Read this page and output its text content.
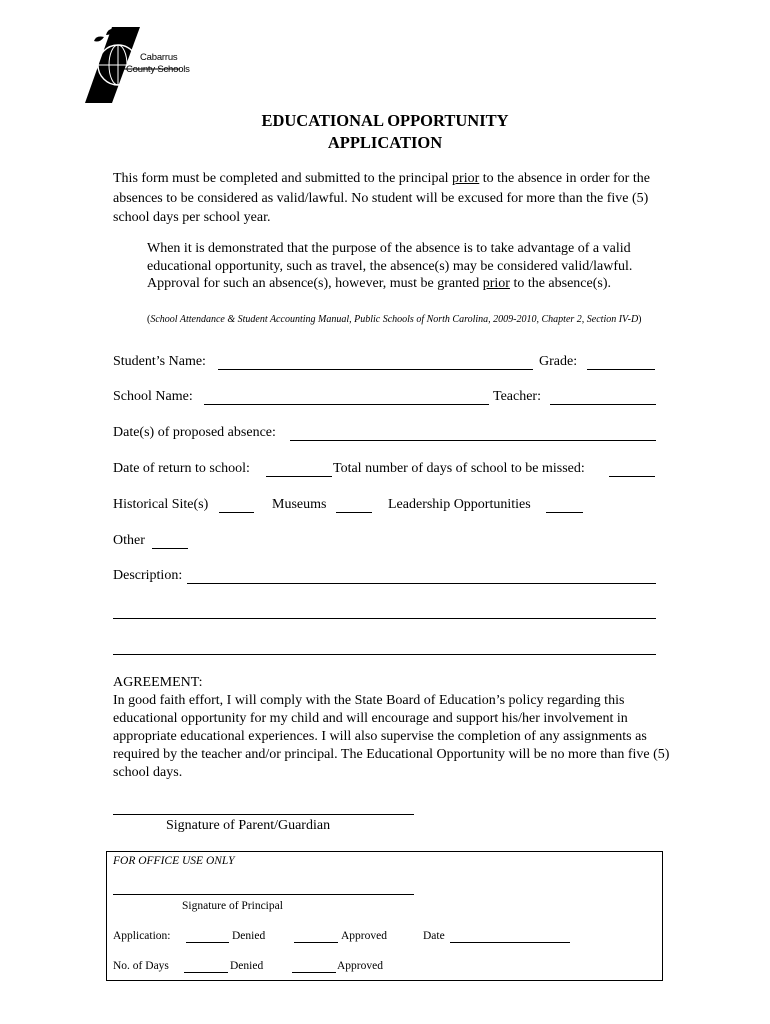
Cabarrus
County Schools
EDUCATIONAL OPPORTUNITY
APPLICATION
This form must be completed and submitted to the principal prior to the absence in order for the absences to be considered as valid/lawful. No student will be excused for more than the five (5) school days per school year.
When it is demonstrated that the purpose of the absence is to take advantage of a valid educational opportunity, such as travel, the absence(s) may be considered valid/lawful. Approval for such an absence(s), however, must be granted prior to the absence(s).
(School Attendance & Student Accounting Manual, Public Schools of North Carolina, 2009-2010, Chapter 2, Section IV-D)
Student’s Name:	Grade:
School Name:	Teacher:
Date(s) of proposed absence:
Date of return to school:	Total number of days of school to be missed:
Historical Site(s)	Museums	Leadership Opportunities
Other
Description:
AGREEMENT:
In good faith effort, I will comply with the State Board of Education’s policy regarding this educational opportunity for my child and will encourage and support his/her involvement in appropriate educational experiences. I will also supervise the completion of any assignments as required by the teacher and/or principal. The Educational Opportunity will be no more than five (5) school days.
Signature of Parent/Guardian
FOR OFFICE USE ONLY
Signature of Principal
Application:	Denied	Approved	Date
No. of Days	Denied	Approved
